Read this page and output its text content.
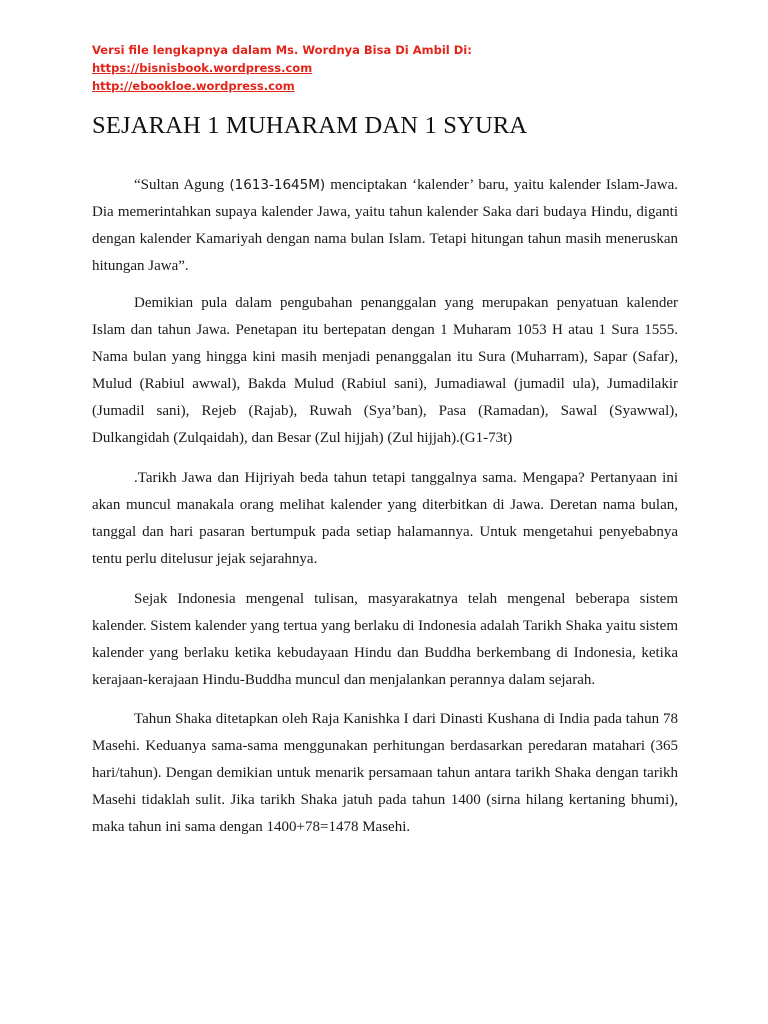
Versi file lengkapnya dalam Ms. Wordnya Bisa Di Ambil Di:
https://bisnisbook.wordpress.com
http://ebookloe.wordpress.com
SEJARAH 1 MUHARAM DAN 1 SYURA

“Sultan Agung (1613-1645M) menciptakan ‘kalender’ baru, yaitu kalender Islam-Jawa. Dia memerintahkan supaya kalender Jawa, yaitu tahun kalender Saka dari budaya Hindu, diganti dengan kalender Kamariyah dengan nama bulan Islam. Tetapi hitungan tahun masih meneruskan hitungan Jawa”.

Demikian pula dalam pengubahan penanggalan yang merupakan penyatuan kalender Islam dan tahun Jawa. Penetapan itu bertepatan dengan 1 Muharam 1053 H atau 1 Sura 1555. Nama bulan yang hingga kini masih menjadi penanggalan itu Sura (Muharram), Sapar (Safar), Mulud (Rabiul awwal), Bakda Mulud (Rabiul sani), Jumadiawal (jumadil ula), Jumadilakir (Jumadil sani), Rejeb (Rajab), Ruwah (Sya’ban), Pasa (Ramadan), Sawal (Syawwal), Dulkangidah (Zulqaidah), dan Besar (Zul hijjah) (Zul hijjah).(G1-73t)

.Tarikh Jawa dan Hijriyah beda tahun tetapi tanggalnya sama. Mengapa? Pertanyaan ini akan muncul manakala orang melihat kalender yang diterbitkan di Jawa. Deretan nama bulan, tanggal dan hari pasaran bertumpuk pada setiap halamannya. Untuk mengetahui penyebabnya tentu perlu ditelusur jejak sejarahnya.

Sejak Indonesia mengenal tulisan, masyarakatnya telah mengenal beberapa sistem kalender. Sistem kalender yang tertua yang berlaku di Indonesia adalah Tarikh Shaka yaitu sistem kalender yang berlaku ketika kebudayaan Hindu dan Buddha berkembang di Indonesia, ketika kerajaan-kerajaan Hindu-Buddha muncul dan menjalankan perannya dalam sejarah.

Tahun Shaka ditetapkan oleh Raja Kanishka I dari Dinasti Kushana di India pada tahun 78 Masehi. Keduanya sama-sama menggunakan perhitungan berdasarkan peredaran matahari (365 hari/tahun). Dengan demikian untuk menarik persamaan tahun antara tarikh Shaka dengan tarikh Masehi tidaklah sulit. Jika tarikh Shaka jatuh pada tahun 1400 (sirna hilang kertaning bhumi), maka tahun ini sama dengan 1400+78=1478 Masehi.
